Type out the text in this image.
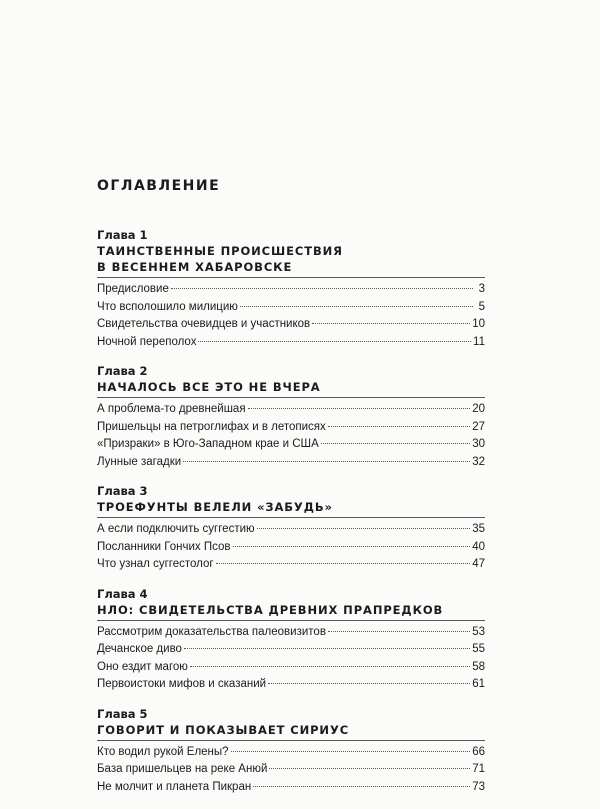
ОГЛАВЛЕНИЕ
Глава 1
ТАИНСТВЕННЫЕ ПРОИСШЕСТВИЯ
В ВЕСЕННЕМ ХАБАРОВСКЕ
Предисловие	3
Что всполошило милицию	5
Свидетельства очевидцев и участников	10
Ночной переполох	11
Глава 2
НАЧАЛОСЬ ВСЕ ЭТО НЕ ВЧЕРА
А проблема-то древнейшая	20
Пришельцы на петроглифах и в летописях	27
«Призраки» в Юго-Западном крае и США	30
Лунные загадки	32
Глава 3
ТРОЕФУНТЫ ВЕЛЕЛИ «ЗАБУДЬ»
А если подключить суггестию	35
Посланники Гончих Псов	40
Что узнал суггестолог	47
Глава 4
НЛО: СВИДЕТЕЛЬСТВА ДРЕВНИХ ПРАПРЕДКОВ
Рассмотрим доказательства палеовизитов	53
Дечанское диво	55
Оно ездит магою	58
Первоистоки мифов и сказаний	61
Глава 5
ГОВОРИТ И ПОКАЗЫВАЕТ СИРИУС
Кто водил рукой Елены?	66
База пришельцев на реке Анюй	71
Не молчит и планета Пикран	73
